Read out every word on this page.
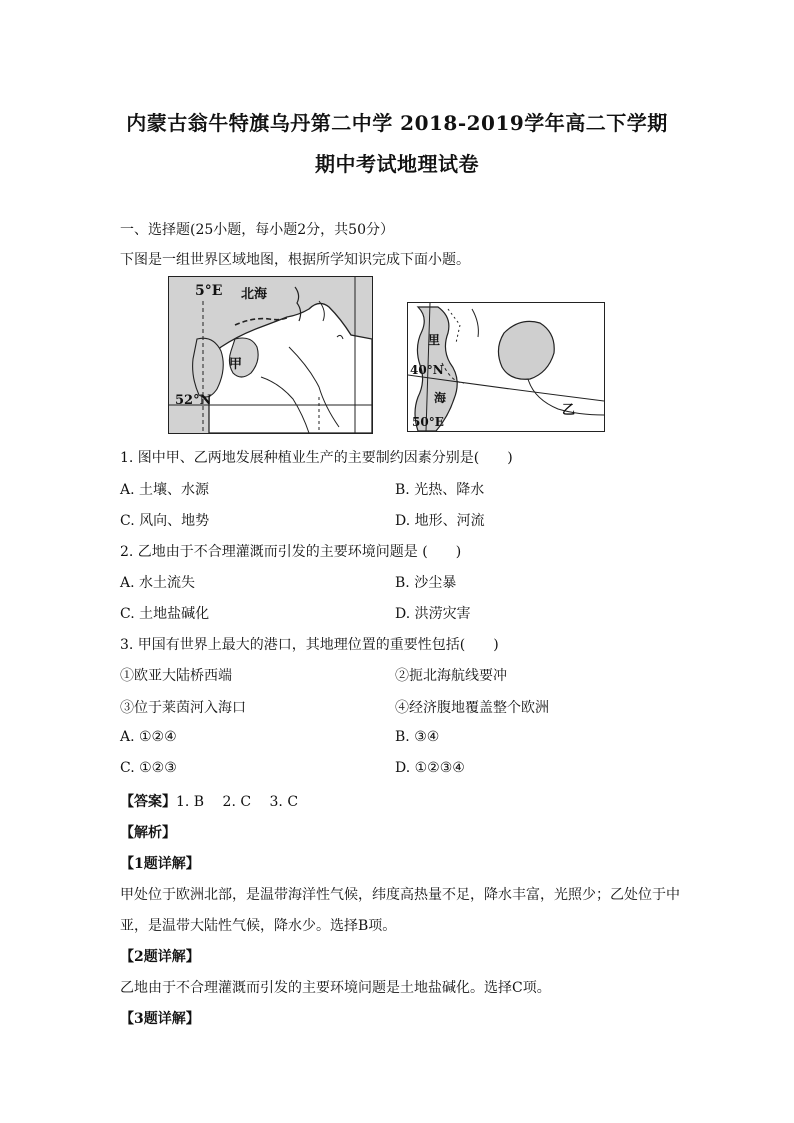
内蒙古翁牛特旗乌丹第二中学 2018-2019学年高二下学期
期中考试地理试卷
一、选择题(25小题，每小题2分，共50分）
下图是一组世界区域地图，根据所学知识完成下面小题。
5°E 北海
甲
52°N
里
海
40°N
50°E
乙
1. 图中甲、乙两地发展种植业生产的主要制约因素分别是(　　)
A. 土壤、水源	B. 光热、降水
C. 风向、地势	D. 地形、河流
2. 乙地由于不合理灌溉而引发的主要环境问题是 (　　)
A. 水土流失	B. 沙尘暴
C. 土地盐碱化	D. 洪涝灾害
3. 甲国有世界上最大的港口，其地理位置的重要性包括(　　)
①欧亚大陆桥西端	②扼北海航线要冲
③位于莱茵河入海口	④经济腹地覆盖整个欧洲
A. ①②④	B. ③④
C. ①②③	D. ①②③④
【答案】1. B　 2. C　 3. C
【解析】
【1题详解】
甲处位于欧洲北部，是温带海洋性气候，纬度高热量不足，降水丰富，光照少；乙处位于中
亚，是温带大陆性气候，降水少。选择B项。
【2题详解】
乙地由于不合理灌溉而引发的主要环境问题是土地盐碱化。选择C项。
【3题详解】
